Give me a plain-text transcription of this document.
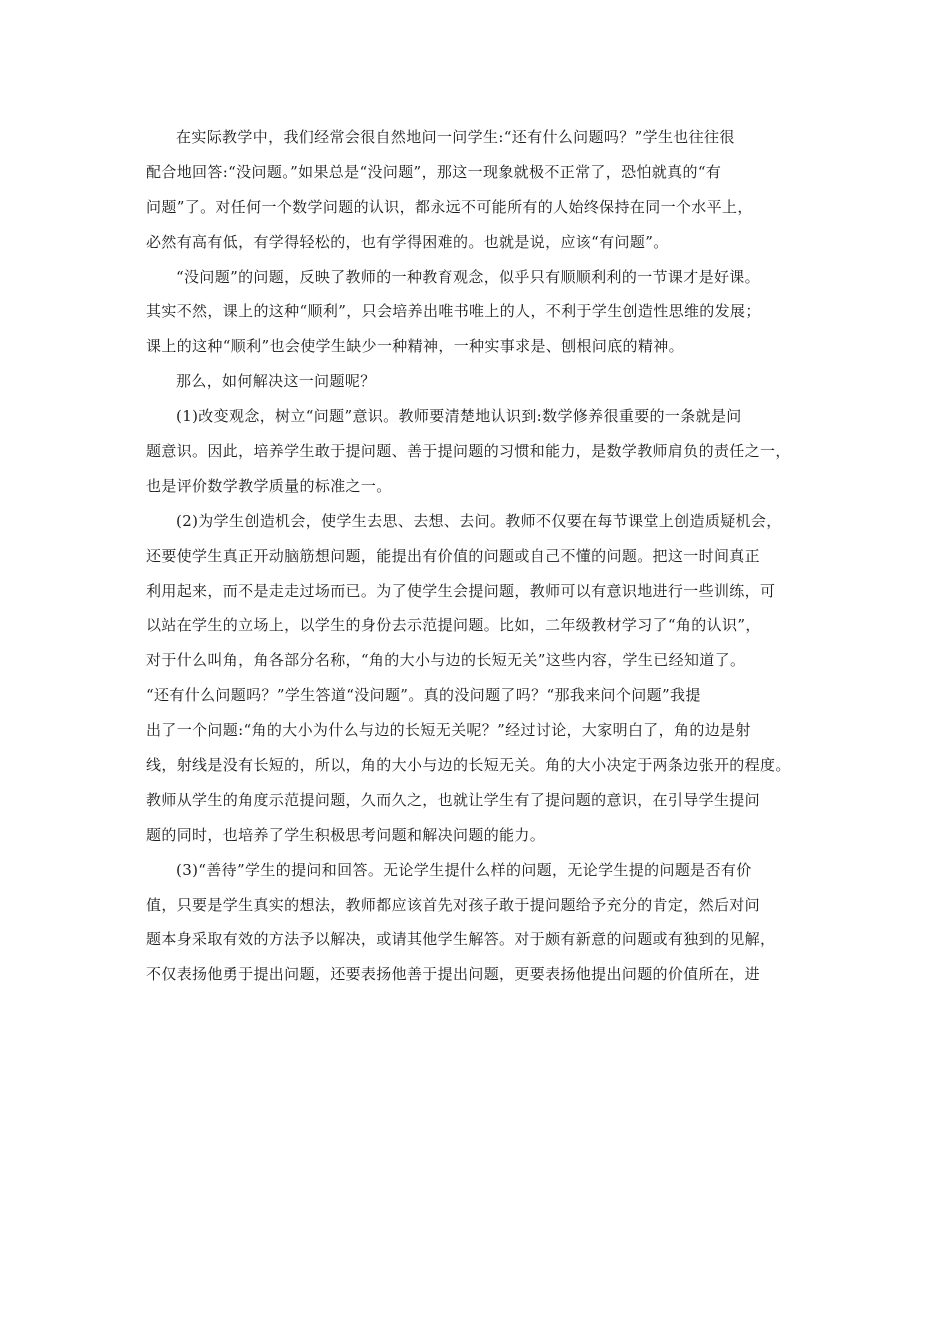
在实际教学中，我们经常会很自然地问一问学生:“还有什么问题吗？”学生也往往很
配合地回答:“没问题。”如果总是“没问题”，那这一现象就极不正常了，恐怕就真的“有
问题”了。对任何一个数学问题的认识，都永远不可能所有的人始终保持在同一个水平上，
必然有高有低，有学得轻松的，也有学得困难的。也就是说，应该“有问题”。
“没问题”的问题，反映了教师的一种教育观念，似乎只有顺顺利利的一节课才是好课。
其实不然，课上的这种“顺利”，只会培养出唯书唯上的人，不利于学生创造性思维的发展；
课上的这种“顺利”也会使学生缺少一种精神，一种实事求是、刨根问底的精神。
那么，如何解决这一问题呢？
(1)改变观念，树立“问题”意识。教师要清楚地认识到:数学修养很重要的一条就是问
题意识。因此，培养学生敢于提问题、善于提问题的习惯和能力，是数学教师肩负的责任之一，
也是评价数学教学质量的标准之一。
(2)为学生创造机会，使学生去思、去想、去问。教师不仅要在每节课堂上创造质疑机会，
还要使学生真正开动脑筋想问题，能提出有价值的问题或自己不懂的问题。把这一时间真正
利用起来，而不是走走过场而已。为了使学生会提问题，教师可以有意识地进行一些训练，可
以站在学生的立场上，以学生的身份去示范提问题。比如，二年级教材学习了“角的认识”，
对于什么叫角，角各部分名称，“角的大小与边的长短无关”这些内容，学生已经知道了。
“还有什么问题吗？”学生答道“没问题”。真的没问题了吗？“那我来问个问题”我提
出了一个问题:“角的大小为什么与边的长短无关呢？”经过讨论，大家明白了，角的边是射
线，射线是没有长短的，所以，角的大小与边的长短无关。角的大小决定于两条边张开的程度。
教师从学生的角度示范提问题，久而久之，也就让学生有了提问题的意识，在引导学生提问
题的同时，也培养了学生积极思考问题和解决问题的能力。
(3)“善待”学生的提问和回答。无论学生提什么样的问题，无论学生提的问题是否有价
值，只要是学生真实的想法，教师都应该首先对孩子敢于提问题给予充分的肯定，然后对问
题本身采取有效的方法予以解决，或请其他学生解答。对于颇有新意的问题或有独到的见解，
不仅表扬他勇于提出问题，还要表扬他善于提出问题，更要表扬他提出问题的价值所在，进
